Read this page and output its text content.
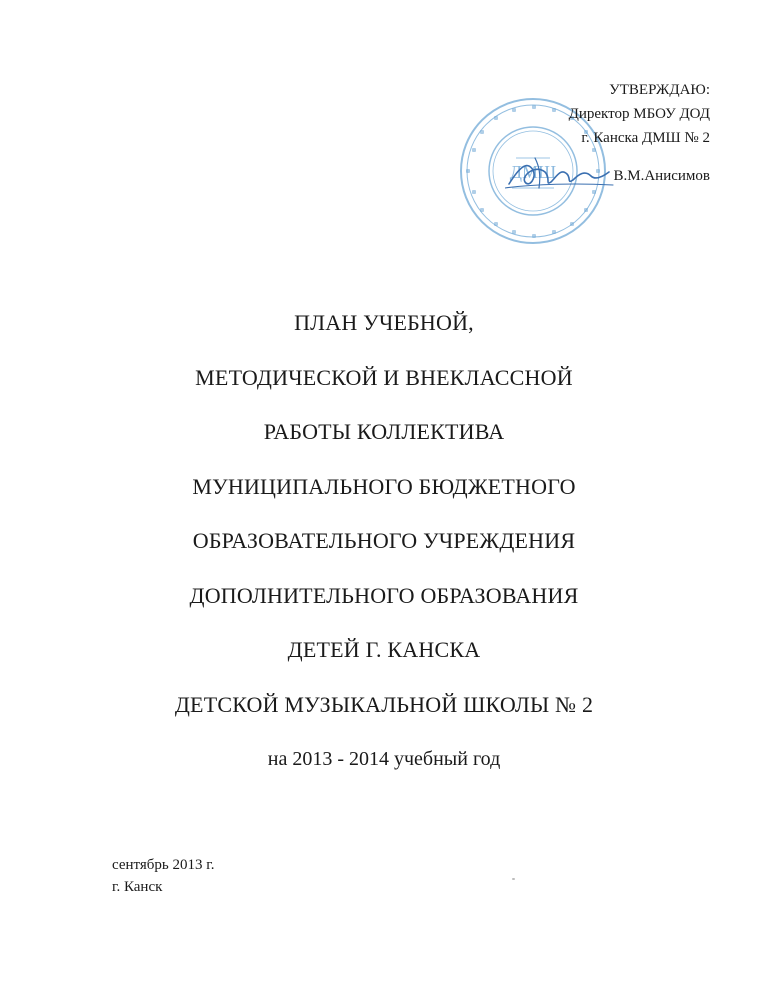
ДМШ
УТВЕРЖДАЮ:
Директор МБОУ ДОД
г. Канска ДМШ № 2
В.М.Анисимов
ПЛАН УЧЕБНОЙ,
МЕТОДИЧЕСКОЙ И ВНЕКЛАССНОЙ
РАБОТЫ КОЛЛЕКТИВА
МУНИЦИПАЛЬНОГО БЮДЖЕТНОГО
ОБРАЗОВАТЕЛЬНОГО УЧРЕЖДЕНИЯ
ДОПОЛНИТЕЛЬНОГО ОБРАЗОВАНИЯ
ДЕТЕЙ Г. КАНСКА
ДЕТСКОЙ МУЗЫКАЛЬНОЙ ШКОЛЫ № 2
на 2013 - 2014 учебный год
сентябрь 2013 г.
г. Канск
